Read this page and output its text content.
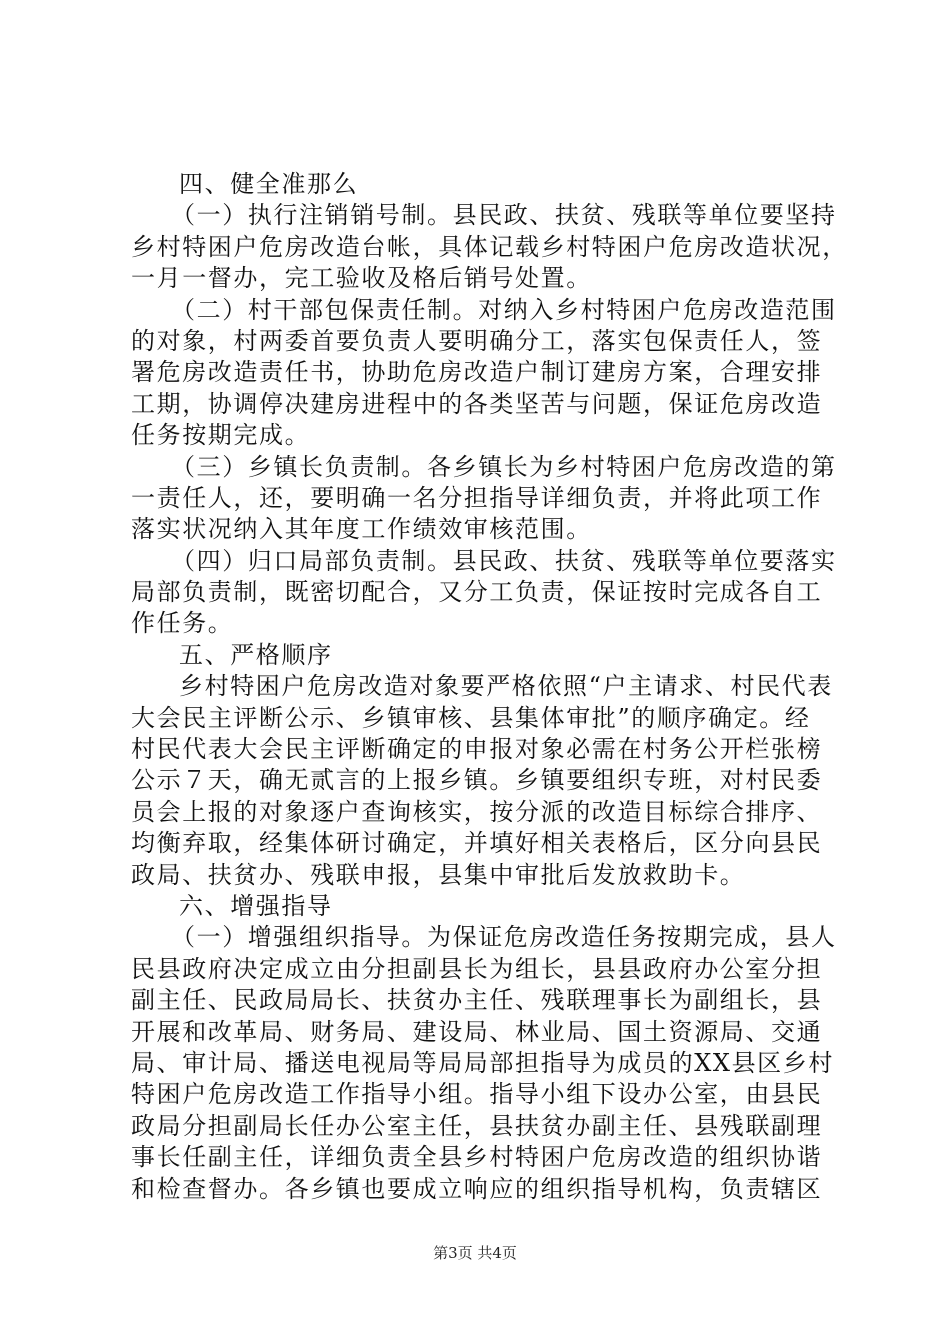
四、健全准那么
（一）执行注销销号制。县民政、扶贫、残联等单位要坚持
乡村特困户危房改造台帐，具体记载乡村特困户危房改造状况，
一月一督办，完工验收及格后销号处置。
（二）村干部包保责任制。对纳入乡村特困户危房改造范围
的对象，村两委首要负责人要明确分工，落实包保责任人，签
署危房改造责任书，协助危房改造户制订建房方案，合理安排
工期，协调停决建房进程中的各类坚苦与问题，保证危房改造
任务按期完成。
（三）乡镇长负责制。各乡镇长为乡村特困户危房改造的第
一责任人，还，要明确一名分担指导详细负责，并将此项工作
落实状况纳入其年度工作绩效审核范围。
（四）归口局部负责制。县民政、扶贫、残联等单位要落实
局部负责制，既密切配合，又分工负责，保证按时完成各自工
作任务。
五、严格顺序
乡村特困户危房改造对象要严格依照“户主请求、村民代表
大会民主评断公示、乡镇审核、县集体审批”的顺序确定。经
村民代表大会民主评断确定的申报对象必需在村务公开栏张榜
公示７天，确无贰言的上报乡镇。乡镇要组织专班，对村民委
员会上报的对象逐户查询核实，按分派的改造目标综合排序、
均衡弃取，经集体研讨确定，并填好相关表格后，区分向县民
政局、扶贫办、残联申报，县集中审批后发放救助卡。
六、增强指导
（一）增强组织指导。为保证危房改造任务按期完成，县人
民县政府决定成立由分担副县长为组长，县县政府办公室分担
副主任、民政局局长、扶贫办主任、残联理事长为副组长，县
开展和改革局、财务局、建设局、林业局、国土资源局、交通
局、审计局、播送电视局等局局部担指导为成员的XX县区乡村
特困户危房改造工作指导小组。指导小组下设办公室，由县民
政局分担副局长任办公室主任，县扶贫办副主任、县残联副理
事长任副主任，详细负责全县乡村特困户危房改造的组织协谐
和检查督办。各乡镇也要成立响应的组织指导机构，负责辖区
第3页 共4页
